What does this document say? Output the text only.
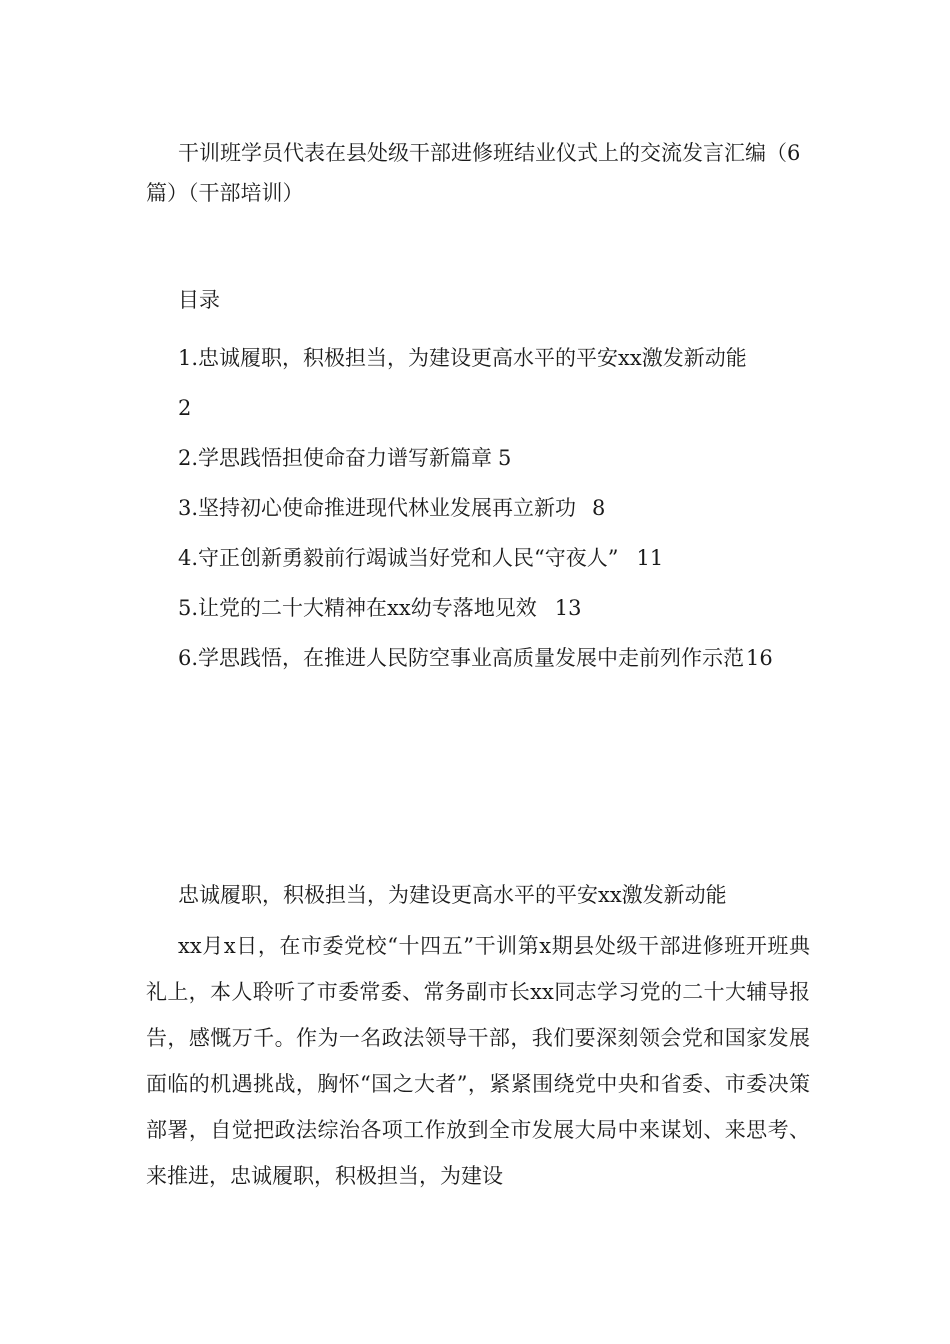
干训班学员代表在县处级干部进修班结业仪式上的交流发言汇编（6篇）（干部培训）
目录
1.忠诚履职，积极担当，为建设更高水平的平安xx激发新动能
2
2.学思践悟担使命奋力谱写新篇章 5
3.坚持初心使命推进现代林业发展再立新功 8
4.守正创新勇毅前行竭诚当好党和人民“守夜人” 11
5.让党的二十大精神在xx幼专落地见效 13
6.学思践悟，在推进人民防空事业高质量发展中走前列作示范16
忠诚履职，积极担当，为建设更高水平的平安xx激发新动能

xx月x日，在市委党校“十四五”干训第x期县处级干部进修班开班典礼上，本人聆听了市委常委、常务副市长xx同志学习党的二十大辅导报告，感慨万千。作为一名政法领导干部，我们要深刻领会党和国家发展面临的机遇挑战，胸怀“国之大者”，紧紧围绕党中央和省委、市委决策部署，自觉把政法综治各项工作放到全市发展大局中来谋划、来思考、来推进，忠诚履职，积极担当，为建设
